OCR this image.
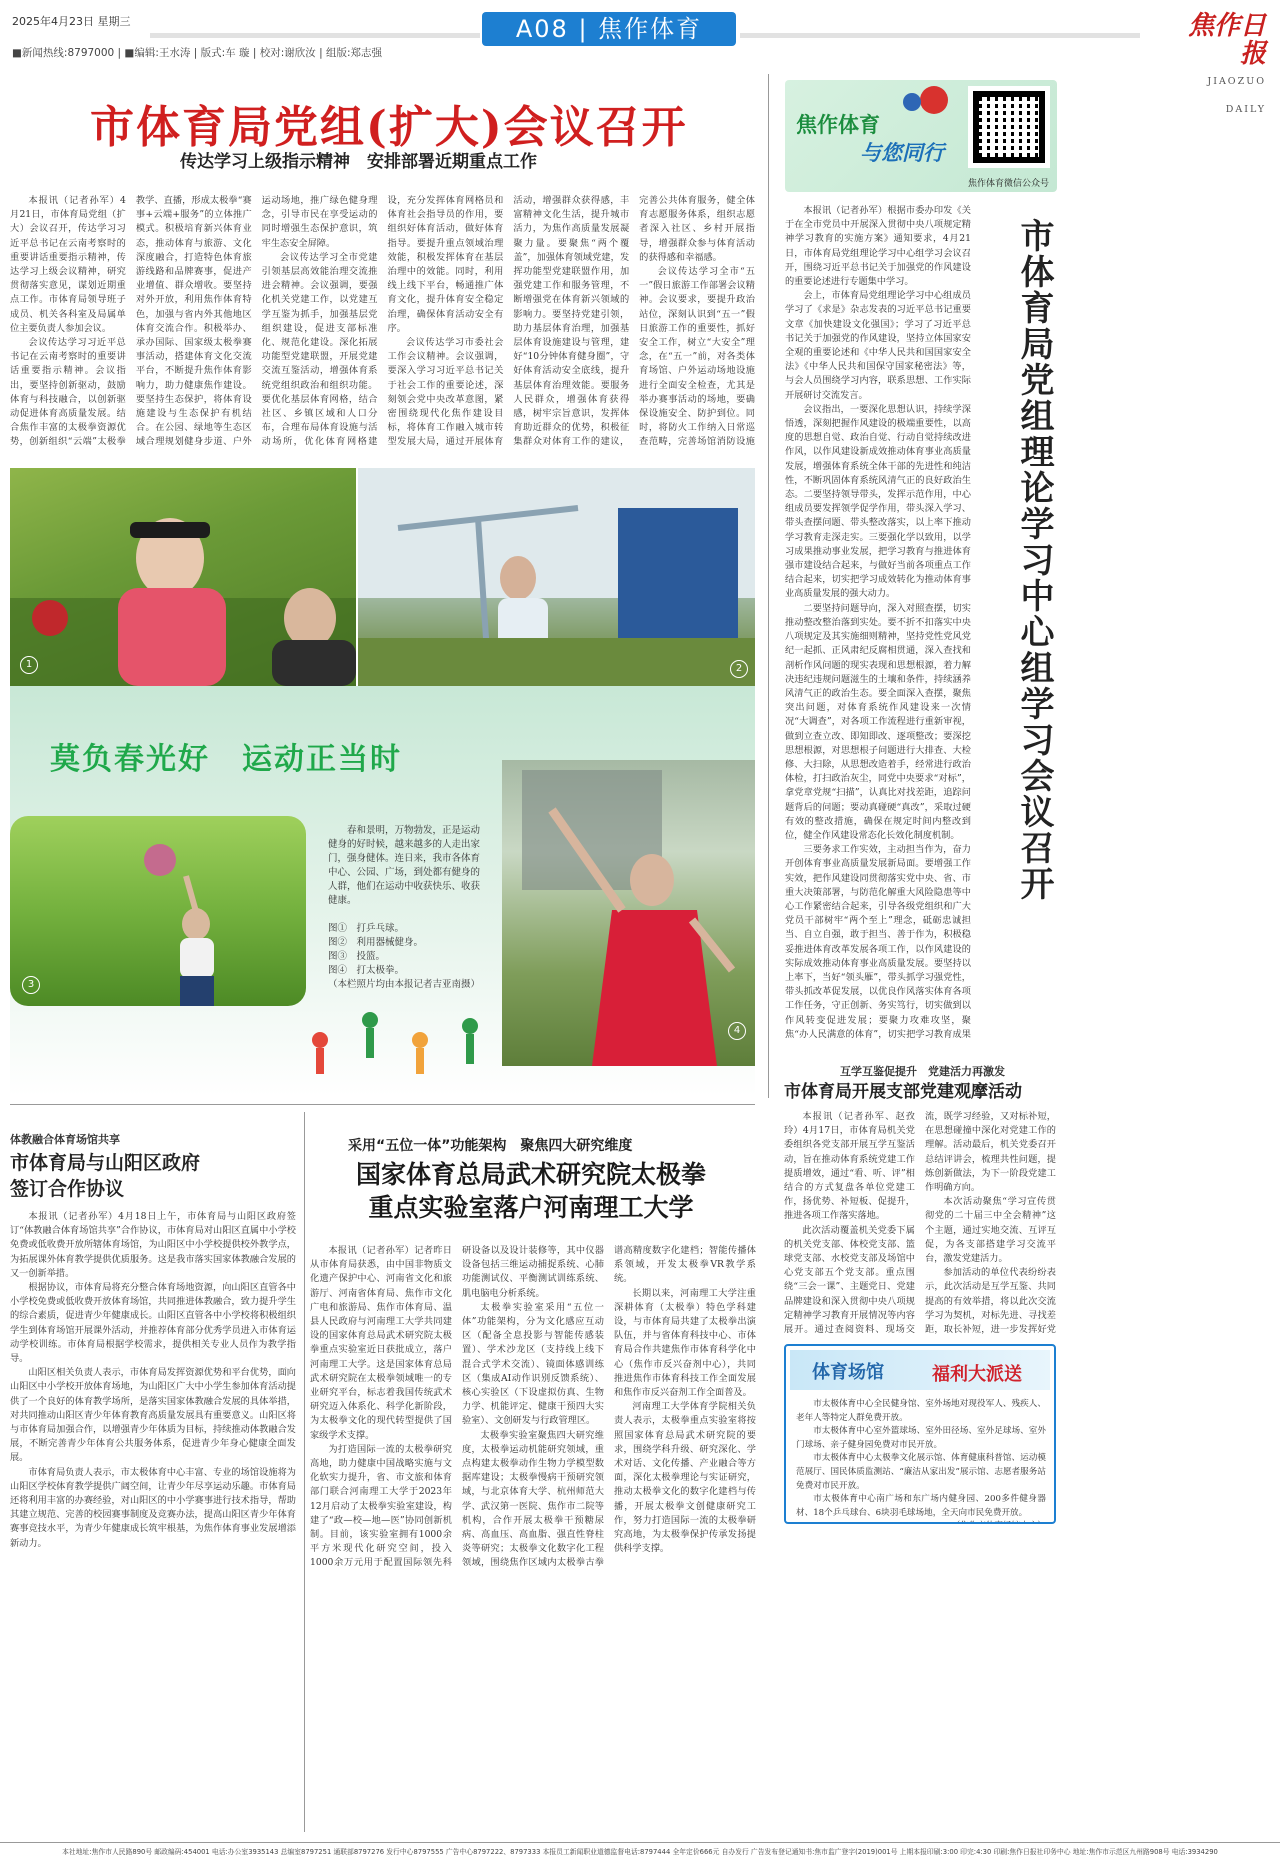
2025年4月23日 星期三	A08 | 焦作体育	焦作日报
JIAOZUO DAILY
■新闻热线:8797000 | ■编辑:王水涛 | 版式:车 璇 | 校对:谢欣汝 | 组版:郑志强
市体育局党组(扩大)会议召开
传达学习上级指示精神　安排部署近期重点工作

本报讯（记者孙军）4月21日，市体育局党组（扩大）会议召开，传达学习习近平总书记在云南考察时的重要讲话重要指示精神，传达学习上级会议精神，研究贯彻落实意见，谋划近期重点工作。市体育局领导班子成员、机关各科室及局属单位主要负责人参加会议。

会议传达学习习近平总书记在云南考察时的重要讲话重要指示精神。会议指出，要坚持创新驱动，鼓励体育与科技融合，以创新驱动促进体育高质量发展。结合焦作丰富的太极拳资源优势，创新组织“云端”太极拳教学、直播，形成太极拳“赛事+云端+服务”的立体推广模式。积极培育新兴体育业态，推动体育与旅游、文化深度融合，打造特色体育旅游线路和品牌赛事，促进产业增值、群众增收。要坚持对外开放，利用焦作体育特色，加强与省内外其他地区体育交流合作。积极举办、承办国际、国家级太极拳赛事活动，搭建体育文化交流平台，不断提升焦作体育影响力，助力健康焦作建设。要坚持生态保护，将体育设施建设与生态保护有机结合。在公园、绿地等生态区域合理规划健身步道、户外运动场地，推广绿色健身理念，引导市民在享受运动的同时增强生态保护意识，筑牢生态安全屏障。

会议传达学习全市党建引领基层高效能治理交流推进会精神。会议强调，要强化机关党建工作，以党建互学互鉴为抓手，加强基层党组织建设，促进支部标准化、规范化建设。深化拓展功能型党建联盟，开展党建交流互鉴活动，增强体育系统党组织政治和组织功能。要优化基层体育网格，结合社区、乡镇区域和人口分布，合理布局体育设施与活动场所，优化体育网格建设，充分发挥体育网格员和体育社会指导员的作用，要组织好体育活动，做好体育指导。要提升重点领域治理效能，积极发挥体育在基层治理中的效能。同时，利用线上线下平台，畅通推广体育文化，提升体育安全稳定治理，确保体育活动安全有序。

会议传达学习市委社会工作会议精神。会议强调，要深入学习习近平总书记关于社会工作的重要论述，深刻领会党中央改革意图，紧密围绕现代化焦作建设目标，将体育工作融入城市转型发展大局，通过开展体育活动，增强群众获得感，丰富精神文化生活，提升城市活力，为焦作高质量发展凝聚力量。要聚焦“两个覆盖”，加强体育领域党建，发挥功能型党建联盟作用，加强党建工作和服务管理，不断增强党在体育新兴领域的影响力。要坚持党建引领，助力基层体育治理，加强基层体育设施建设与管理，建好“10分钟体育健身圈”，守好体育活动安全底线，提升基层体育治理效能。要服务人民群众，增强体育获得感，树牢宗旨意识，发挥体育助近群众的优势，积极征集群众对体育工作的建议，完善公共体育服务，健全体育志愿服务体系，组织志愿者深入社区、乡村开展指导，增强群众参与体育活动的获得感和幸福感。

会议传达学习全市“五一”假日旅游工作部署会议精神。会议要求，要提升政治站位，深刻认识到“五一”假日旅游工作的重要性，抓好安全工作，树立“大安全”理念，在“五一”前，对各类体育场馆、户外运动场地设施进行全面安全检查，尤其是举办赛事活动的场地，要确保设施安全、防护到位。同时，将防火工作纳入日常巡查范畴，完善场馆消防设施

1	2
莫负春光好　运动正当时
3

春和景明，万物勃发，正是运动健身的好时候，越来越多的人走出家门，强身健体。连日来，我市各体育中心、公园、广场，到处都有健身的人群，他们在运动中收获快乐、收获健康。

图①　打乒乓球。
图②　利用器械健身。
图③　投篮。
图④　打太极拳。
（本栏照片均由本报记者吉亚南摄）
4
焦作体育
与您同行
焦作体育微信公众号

本报讯（记者孙军）根据市委办印发《关于在全市党员中开展深入贯彻中央八项规定精神学习教育的实施方案》通知要求，4月21日，市体育局党组理论学习中心组学习会议召开，围绕习近平总书记关于加强党的作风建设的重要论述进行专题集中学习。

会上，市体育局党组理论学习中心组成员学习了《求是》杂志发表的习近平总书记重要文章《加快建设文化强国》；学习了习近平总书记关于加强党的作风建设，坚持立体国家安全观的重要论述和《中华人民共和国国家安全法》《中华人民共和国保守国家秘密法》等，与会人员围绕学习内容，联系思想、工作实际开展研讨交流发言。

会议指出，一要深化思想认识，持续学深悟透，深刻把握作风建设的极端重要性，以高度的思想自觉、政治自觉、行动自觉持续改进作风，以作风建设新成效推动体育事业高质量发展，增强体育系统全体干部的先进性和纯洁性，不断巩固体育系统风清气正的良好政治生态。二要坚持领导带头，发挥示范作用，中心组成员要发挥领学促学作用，带头深入学习、带头查摆问题、带头整改落实，以上率下推动学习教育走深走实。三要强化学以致用，以学习成果推动事业发展，把学习教育与推进体育强市建设结合起来，与做好当前各项重点工作结合起来，切实把学习成效转化为推动体育事业高质量发展的强大动力。

二要坚持问题导向，深入对照查摆，切实推动整改整治落到实处。要不折不扣落实中央八项规定及其实施细则精神，坚持党性党风党纪一起抓、正风肃纪反腐相贯通，深入查找和剖析作风问题的现实表现和思想根源，着力解决违纪违规问题滋生的土壤和条件，持续涵养风清气正的政治生态。要全面深入查摆，聚焦突出问题，对体育系统作风建设来一次情况“大调查”，对各项工作流程进行重新审视，做到立查立改、即知即改、逐项整改；要深挖思想根源，对思想根子问题进行大排查、大检修、大扫除，从思想改造着手，经常进行政治体检，打扫政治灰尘，同党中央要求“对标”，拿党章党规“扫描”，认真比对找差距，追踪问题背后的问题；要动真碰硬“真改”，采取过硬有效的整改措施，确保在规定时间内整改到位，健全作风建设常态化长效化制度机制。

三要务求工作实效，主动担当作为，奋力开创体育事业高质量发展新局面。要增强工作实效，把作风建设同贯彻落实党中央、省、市重大决策部署，与防范化解重大风险隐患等中心工作紧密结合起来，引导各级党组织和广大党员干部树牢“两个至上”理念，砥砺忠诚担当、自立自强，敢于担当、善于作为，积极稳妥推进体育改革发展各项工作，以作风建设的实际成效推动体育事业高质量发展。要坚持以上率下，当好“领头雁”，带头抓学习强党性，带头抓改革促发展，以优良作风落实体育各项工作任务，守正创新、务实笃行，切实做到以作风转变促进发展；要聚力攻难攻坚，聚焦“办人民满意的体育”，切实把学习教育成果

市体育局党组理论学习中心组学习会议召开
互学互鉴促提升　党建活力再激发
市体育局开展支部党建观摩活动

本报讯（记者孙军、赵孜玲）4月17日，市体育局机关党委组织各党支部开展互学互鉴活动，旨在推动体育系统党建工作提质增效，通过“看、听、评”相结合的方式复盘各单位党建工作，扬优势、补短板、促提升，推进各项工作落实落地。

此次活动覆盖机关党委下属的机关党支部、体校党支部、篮球党支部、水校党支部及场馆中心党支部五个党支部。重点围绕“三会一课”、主题党日、党建品牌建设和深入贯彻中央八项规定精神学习教育开展情况等内容展开。通过查阅资料、现场交流，既学习经验，又对标补短，在思想碰撞中深化对党建工作的理解。活动最后，机关党委召开总结评讲会，梳理共性问题，提炼创新做法，为下一阶段党建工作明确方向。

本次活动聚焦“学习宣传贯彻党的二十届三中全会精神”这个主题，通过实地交流、互评互促，为各支部搭建学习交流平台，激发党建活力。

参加活动的单位代表纷纷表示，此次活动是互学互鉴、共同提高的有效举措，将以此次交流学习为契机，对标先进、寻找差距，取长补短，进一步发挥好党

体育场馆	福利大派送

市太极体育中心全民健身馆、室外场地对现役军人、残疾人、老年人等特定人群免费开放。

市太极体育中心室外篮球场、室外田径场、室外足球场、室外门球场、亲子健身园免费对市民开放。

市太极体育中心太极拳文化展示馆、体育健康科普馆、运动模范展厅、国民体质监测站、“廉洁从家出发”展示馆、志愿者服务站免费对市民开放。

市太极体育中心南广场和东广场内健身园、200多件健身器材、18个乒乓球台、6块羽毛球场地，全天向市民免费开放。

体教融合体育场馆共享
市体育局与山阳区政府
签订合作协议

本报讯（记者孙军）4月18日上午，市体育局与山阳区政府签订“体教融合体育场馆共享”合作协议，市体育局对山阳区直属中小学校免费或低收费开放所辖体育场馆，为山阳区中小学校提供校外教学点，为拓展课外体育教学提供优质服务。这是我市落实国家体教融合发展的又一创新举措。

根据协议，市体育局将充分整合体育场地资源，向山阳区直管各中小学校免费或低收费开放体育场馆，共同推进体教融合，致力提升学生的综合素质，促进青少年健康成长。山阳区直管各中小学校将积极组织学生到体育场馆开展课外活动，并推荐体育部分优秀学员进入市体育运动学校训练。市体育局根据学校需求，提供相关专业人员作为教学指导。

山阳区相关负责人表示，市体育局发挥资源优势和平台优势，面向山阳区中小学校开放体育场地，为山阳区广大中小学生参加体育活动提供了一个良好的体育教学场所，是落实国家体教融合发展的具体举措，对共同推动山阳区青少年体育教育高质量发展具有重要意义。山阳区将与市体育局加强合作，以增强青少年体质为目标，持续推动体教融合发展，不断完善青少年体育公共服务体系，促进青少年身心健康全面发展。

市体育局负责人表示，市太极体育中心丰富、专业的场馆设施将为山阳区学校体育教学提供广阔空间，让青少年尽享运动乐趣。市体育局还将利用丰富的办赛经验，对山阳区的中小学赛事进行技术指导，帮助其建立规范、完善的校园赛事制度及竞赛办法，提高山阳区青少年体育赛事竞技水平，为青少年健康成长筑牢根基，为焦作体育事业发展增添新动力。

采用“五位一体”功能架构　聚焦四大研究维度
国家体育总局武术研究院太极拳
重点实验室落户河南理工大学

本报讯（记者孙军）记者昨日从市体育局获悉，由中国非物质文化遗产保护中心、河南省文化和旅游厅、河南省体育局、焦作市文化广电和旅游局、焦作市体育局、温县人民政府与河南理工大学共同建设的国家体育总局武术研究院太极拳重点实验室近日获批成立，落户河南理工大学。这是国家体育总局武术研究院在太极拳领域唯一的专业研究平台，标志着我国传统武术研究迈入体系化、科学化新阶段，为太极拳文化的现代转型提供了国家级学术支撑。

为打造国际一流的太极拳研究高地，助力健康中国战略实施与文化软实力提升，省、市文旅和体育部门联合河南理工大学于2023年12月启动了太极拳实验室建设，构建了“政—校—地—医”协同创新机制。目前，该实验室拥有1000余平方米现代化研究空间，投入1000余万元用于配置国际领先科研设备以及设计装修等，其中仪器设备包括三维运动捕捉系统、心肺功能测试仪、平衡测试训练系统、肌电脑电分析系统。

太极拳实验室采用“五位一体”功能架构，分为文化感应互动区（配备全息投影与智能传感装置）、学术沙龙区（支持线上线下混合式学术交流）、镜面体感训练区（集成AI动作识别反馈系统）、核心实验区（下设虚拟仿真、生物力学、机能评定、健康干预四大实验室）、文创研发与行政管理区。

太极拳实验室聚焦四大研究维度，太极拳运动机能研究领域，重点构建太极拳动作生物力学模型数据库建设；太极拳慢病干预研究领域，与北京体育大学、杭州师范大学、武汉第一医院、焦作市二院等机构，合作开展太极拳干预糖尿病、高血压、高血脂、强直性脊柱炎等研究；太极拳文化数字化工程领域，围绕焦作区域内太极拳古拳谱高精度数字化建档；智能传播体系领域，开发太极拳VR教学系统。

长期以来，河南理工大学注重深耕体育（太极拳）特色学科建设，与市体育局共建了太极拳出演队伍，并与省体育科技中心、市体育局合作共建焦作市体育科学化中心（焦作市反兴奋剂中心），共同推进焦作市体育科技工作全面发展和焦作市反兴奋剂工作全面普及。

河南理工大学体育学院相关负责人表示，太极拳重点实验室将按照国家体育总局武术研究院的要求，围绕学科升级、研究深化、学术对话、文化传播、产业融合等方面，深化太极拳理论与实证研究，推动太极拳文化的数字化建档与传播，开展太极拳文创健康研究工作，努力打造国际一流的太极拳研究高地，为太极拳保护传承发扬提供科学支撑。

本社地址:焦作市人民路890号 邮政编码:454001 电话:办公室3935143 总编室8797251 通联部8797276 发行中心8797555 广告中心8797222、8797333 本报员工新闻职业道德监督电话:8797444 全年定价666元 自办发行 广告发布登记通知书:焦市监广登字(2019)001号 上期本报印刷:3:00 印完:4:30 印刷:焦作日报社印务中心 地址:焦作市示范区九州路908号 电话:3934290
